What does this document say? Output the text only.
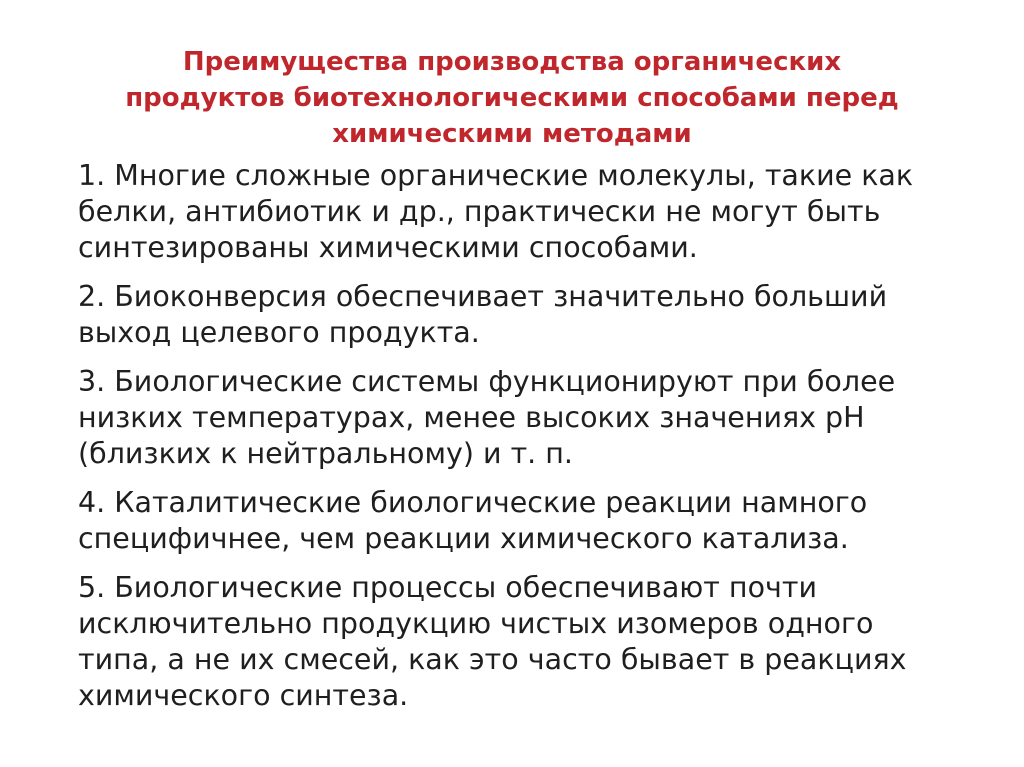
Преимущества производства органических
продуктов биотехнологическими способами перед
химическими методами
1. Многие сложные органические молекулы, такие как
белки, антибиотик и др., практически не могут быть
синтезированы химическими способами.
2. Биоконверсия обеспечивает значительно больший
выход целевого продукта.
3. Биологические системы функционируют при более
низких температурах, менее высоких значениях рН
(близких к нейтральному) и т. п.
4. Каталитические биологические реакции намного
специфичнее, чем реакции химического катализа.
5. Биологические процессы обеспечивают почти
исключительно продукцию чистых изомеров одного
типа, а не их смесей, как это часто бывает в реакциях
химического синтеза.
